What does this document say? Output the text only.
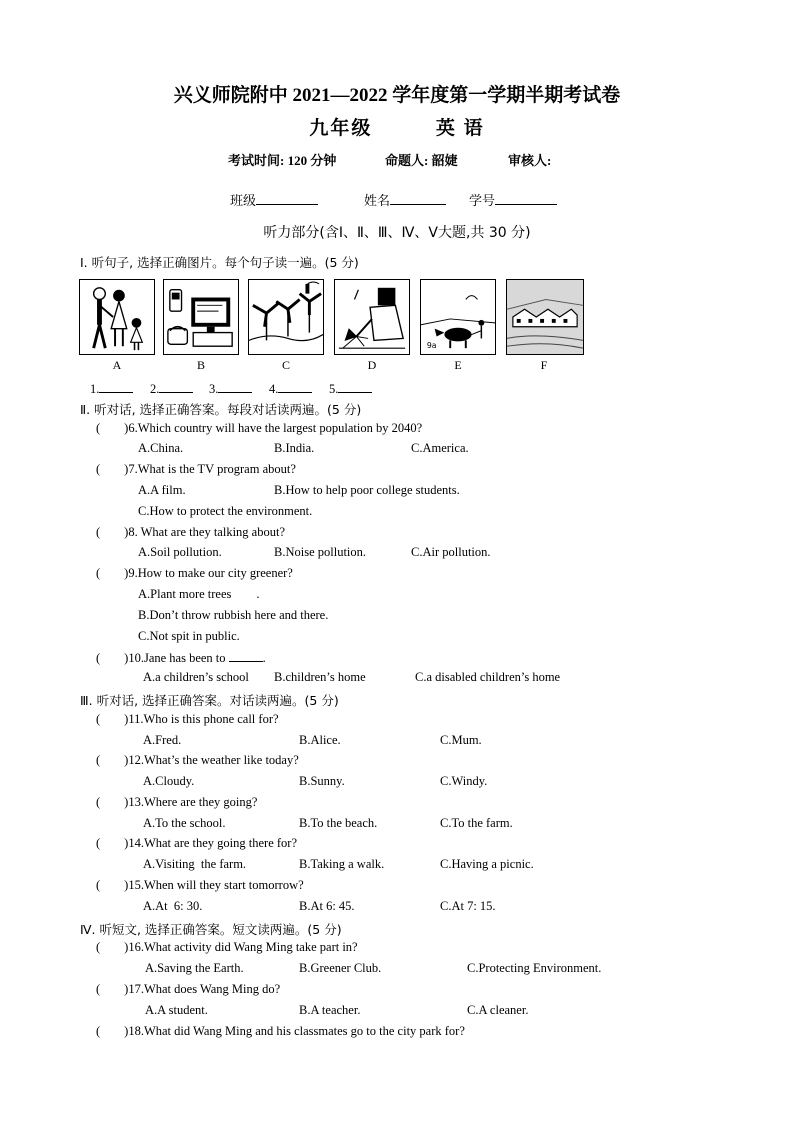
兴义师院附中 2021—2022 学年度第一学期半期考试卷
九年级	英 语
考试时间: 120 分钟	命题人: 韶婕	审核人:
班级	姓名	学号
听力部分(含Ⅰ、Ⅱ、Ⅲ、Ⅳ、Ⅴ大题,共 30 分)
Ⅰ. 听句子, 选择正确图片。每个句子读一遍。(5 分)
9a
A	B	C	D	E	F
1.	2.	3.	4.	5.
Ⅱ. 听对话, 选择正确答案。每段对话读两遍。(5 分)
( )6.Which country will have the largest population by 2040?
A.China.	B.India.	C.America.
( )7.What is the TV program about?
A.A film.	B.How to help poor college students.
C.How to protect the environment.
( )8. What are they talking about?
A.Soil pollution.	B.Noise pollution.	C.Air pollution.
( )9.How to make our city greener?
A.Plant more trees        .
B.Don’t throw rubbish here and there.
C.Not spit in public.
( )10.Jane has been to	.
A.a children’s school B.children’s home	C.a disabled children’s home
Ⅲ. 听对话, 选择正确答案。对话读两遍。(5 分)
( )11.Who is this phone call for?
A.Fred.	B.Alice.	C.Mum.
( )12.What’s the weather like today?
A.Cloudy.	B.Sunny.	C.Windy.
( )13.Where are they going?
A.To the school.	B.To the beach.	C.To the farm.
( )14.What are they going there for?
A.Visiting  the farm.	B.Taking a walk.	C.Having a picnic.
( )15.When will they start tomorrow?
A.At  6: 30.	B.At 6: 45.	C.At 7: 15.
Ⅳ. 听短文, 选择正确答案。短文读两遍。(5 分)
( )16.What activity did Wang Ming take part in?
A.Saving the Earth.	B.Greener Club.	C.Protecting Environment.
( )17.What does Wang Ming do?
A.A student.	B.A teacher.	C.A cleaner.
( )18.What did Wang Ming and his classmates go to the city park for?
